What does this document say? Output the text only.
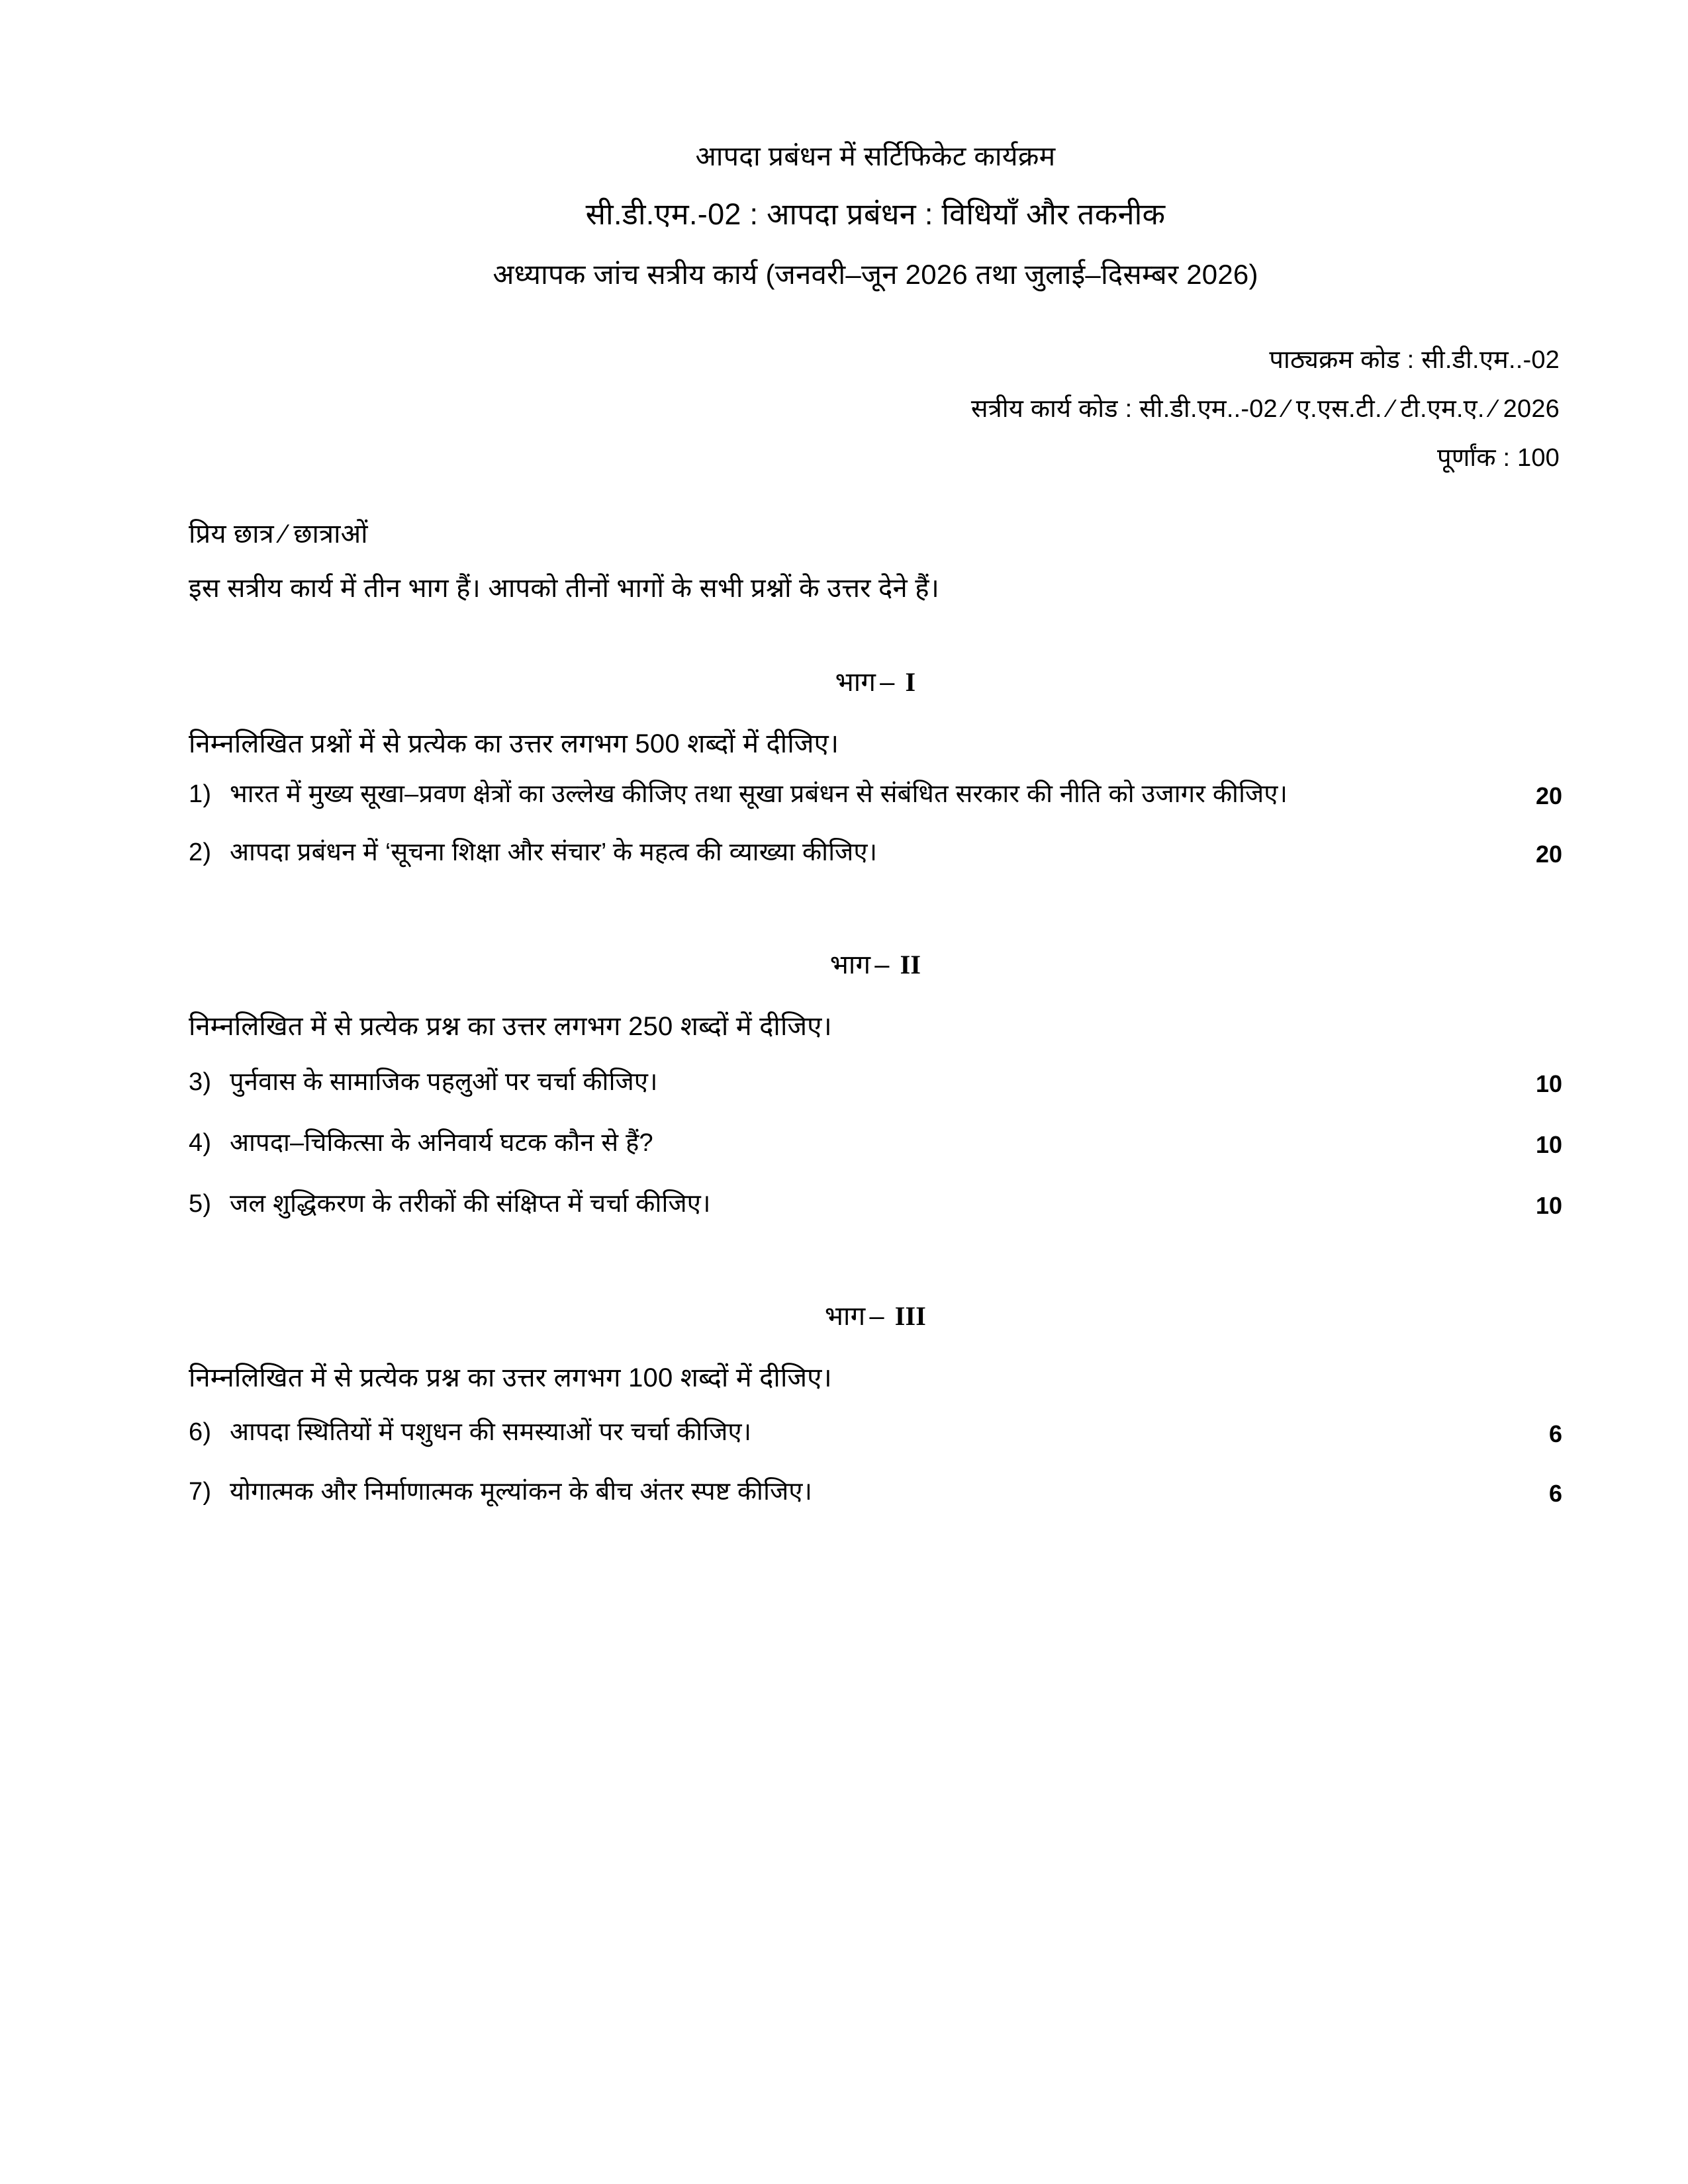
आपदा प्रबंधन में सर्टिफिकेट कार्यक्रम
सी.डी.एम.-02 : आपदा प्रबंधन : विधियाँ और तकनीक
अध्यापक जांच सत्रीय कार्य (जनवरी–जून 2026 तथा जुलाई–दिसम्बर 2026)
पाठ्यक्रम कोड : सी.डी.एम..-02
सत्रीय कार्य कोड : सी.डी.एम..-02 ⁄ ए.एस.टी. ⁄ टी.एम.ए. ⁄ 2026
पूर्णांक : 100
प्रिय छात्र ⁄ छात्राओं
इस सत्रीय कार्य में तीन भाग हैं। आपको तीनों भागों के सभी प्रश्नों के उत्तर देने हैं।
भाग – I
निम्नलिखित प्रश्नों में से प्रत्येक का उत्तर लगभग 500 शब्दों में दीजिए।
1) भारत में मुख्य सूखा–प्रवण क्षेत्रों का उल्लेख कीजिए तथा सूखा प्रबंधन से संबंधित सरकार की नीति को उजागर कीजिए।	20
2) आपदा प्रबंधन में ‘सूचना शिक्षा और संचार’ के महत्व की व्याख्या कीजिए।	20
भाग – II
निम्नलिखित में से प्रत्येक प्रश्न का उत्तर लगभग 250 शब्दों में दीजिए।
3) पुर्नवास के सामाजिक पहलुओं पर चर्चा कीजिए।	10
4) आपदा–चिकित्सा के अनिवार्य घटक कौन से हैं?	10
5) जल शुद्धिकरण के तरीकों की संक्षिप्त में चर्चा कीजिए।	10
भाग – III
निम्नलिखित में से प्रत्येक प्रश्न का उत्तर लगभग 100 शब्दों में दीजिए।
6) आपदा स्थितियों में पशुधन की समस्याओं पर चर्चा कीजिए।	6
7) योगात्मक और निर्माणात्मक मूल्यांकन के बीच अंतर स्पष्ट कीजिए।	6
